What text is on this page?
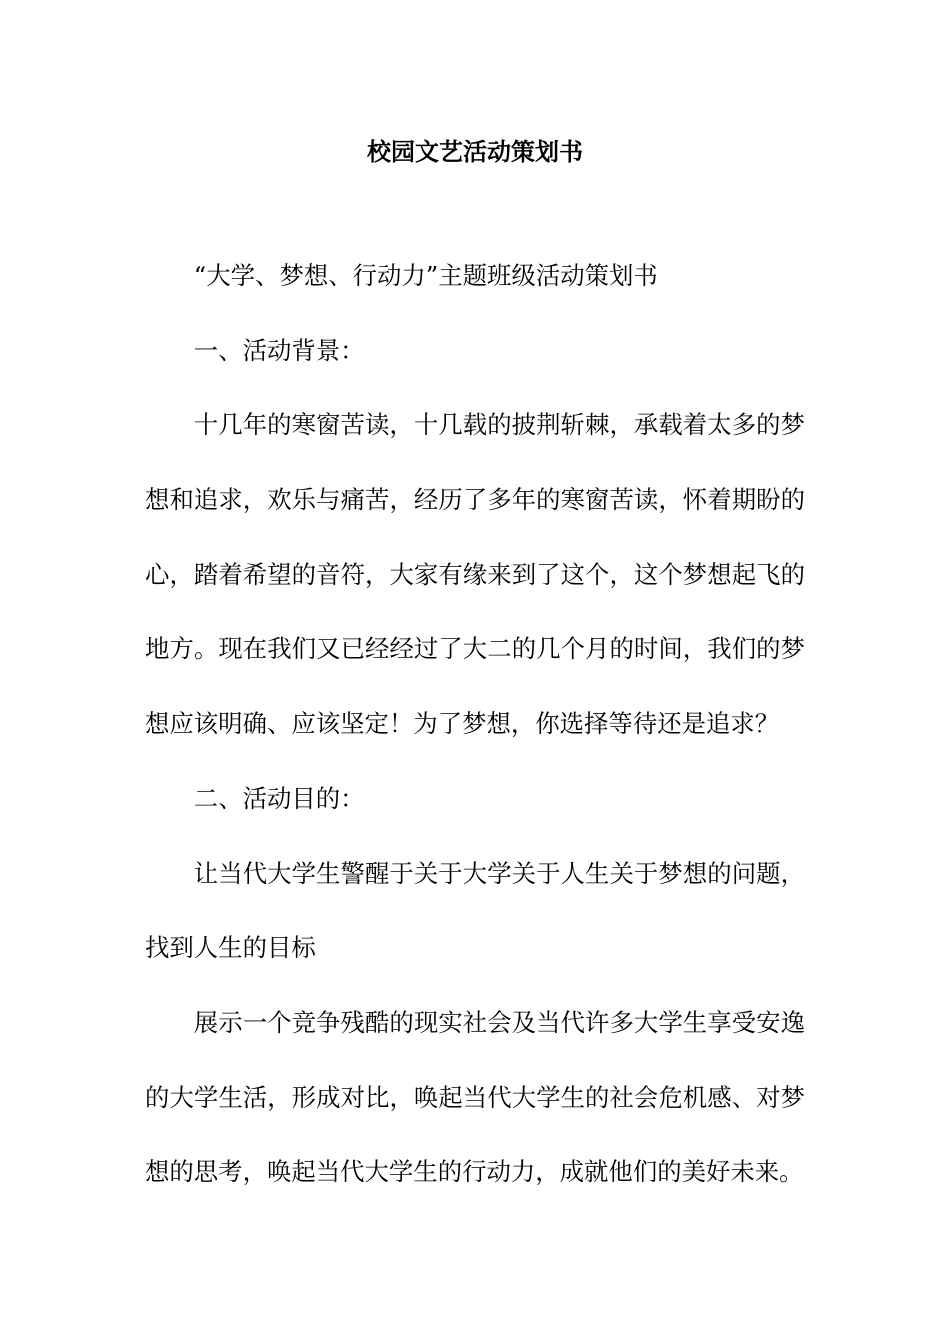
校园文艺活动策划书
“大学、梦想、行动力”主题班级活动策划书
一、活动背景：
十几年的寒窗苦读，十几载的披荆斩棘，承载着太多的梦
想和追求，欢乐与痛苦，经历了多年的寒窗苦读，怀着期盼的
心，踏着希望的音符，大家有缘来到了这个，这个梦想起飞的
地方。现在我们又已经经过了大二的几个月的时间，我们的梦
想应该明确、应该坚定！为了梦想，你选择等待还是追求？
二、活动目的：
让当代大学生警醒于关于大学关于人生关于梦想的问题，
找到人生的目标
展示一个竞争残酷的现实社会及当代许多大学生享受安逸
的大学生活，形成对比，唤起当代大学生的社会危机感、对梦
想的思考，唤起当代大学生的行动力，成就他们的美好未来。
